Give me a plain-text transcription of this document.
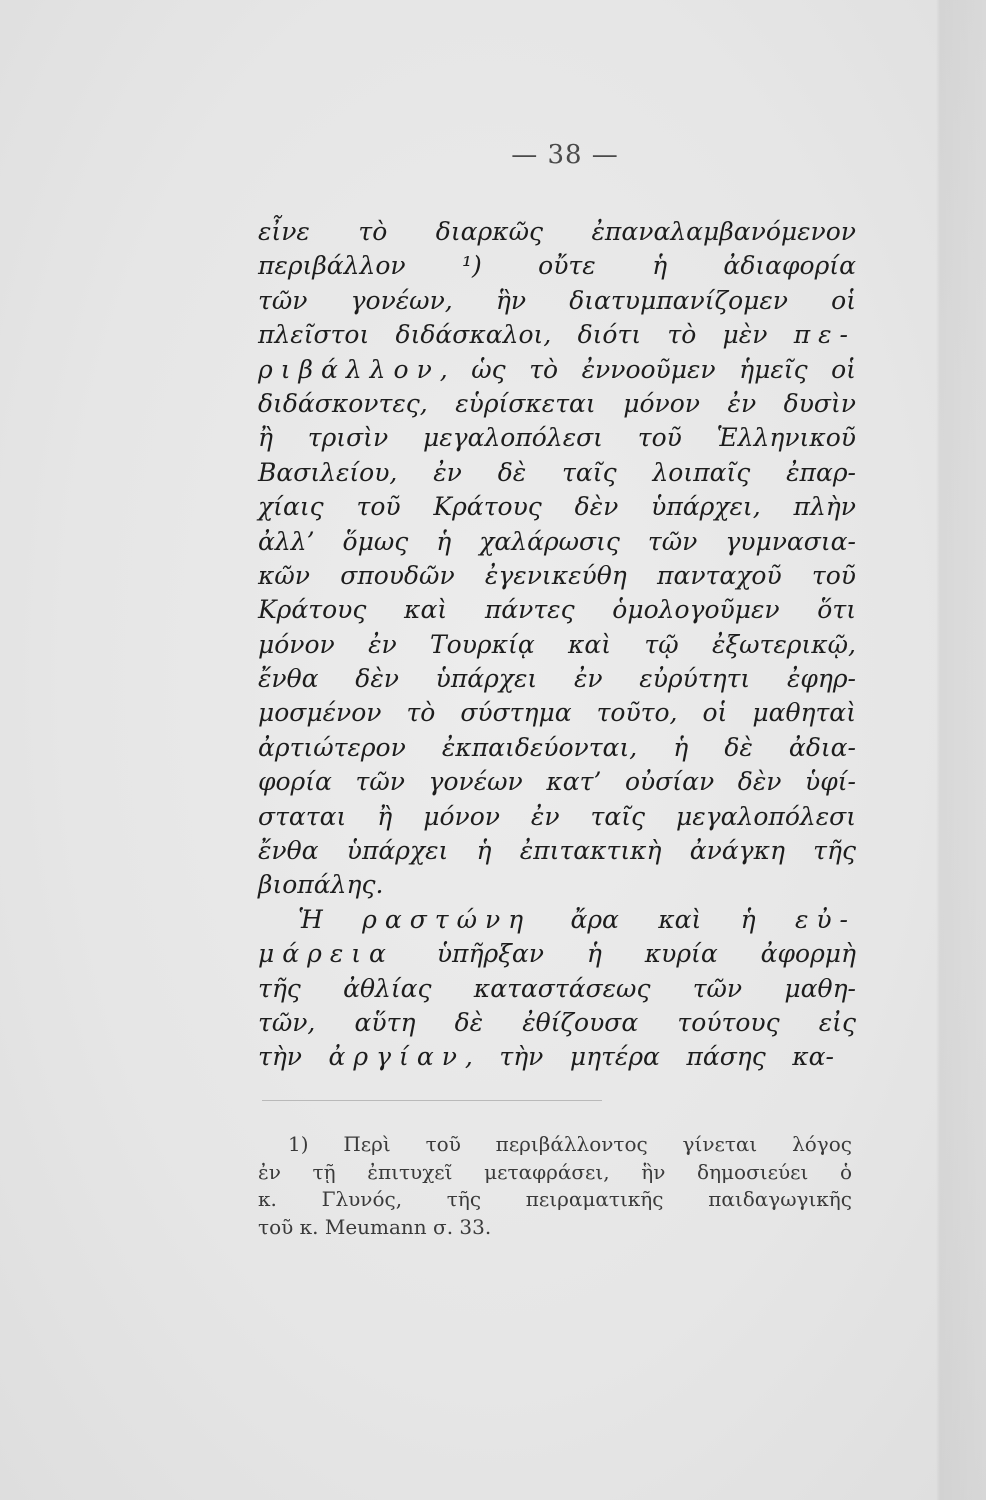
— 38 —
εἶνε τὸ διαρκῶς ἐπαναλαμβανόμενον
περιβάλλον ¹) οὔτε ἡ ἀδιαφορία
τῶν γονέων, ἣν διατυμπανίζομεν οἱ
πλεῖστοι διδάσκαλοι, διότι τὸ μὲν πε-
ριβάλλον, ὡς τὸ ἐννοοῦμεν ἡμεῖς οἱ
διδάσκοντες, εὑρίσκεται μόνον ἐν δυσὶν
ἢ τρισὶν μεγαλοπόλεσι τοῦ Ἑλληνικοῦ
Βασιλείου, ἐν δὲ ταῖς λοιπαῖς ἐπαρ-
χίαις τοῦ Κράτους δὲν ὑπάρχει, πλὴν
ἀλλ’ ὅμως ἡ χαλάρωσις τῶν γυμνασια-
κῶν σπουδῶν ἐγενικεύθη πανταχοῦ τοῦ
Κράτους καὶ πάντες ὁμολογοῦμεν ὅτι
μόνον ἐν Τουρκίᾳ καὶ τῷ ἐξωτερικῷ,
ἔνθα δὲν ὑπάρχει ἐν εὐρύτητι ἐφηρ-
μοσμένον τὸ σύστημα τοῦτο, οἱ μαθηταὶ
ἀρτιώτερον ἐκπαιδεύονται, ἡ δὲ ἀδια-
φορία τῶν γονέων κατ’ οὐσίαν δὲν ὑφί-
σταται ἢ μόνον ἐν ταῖς μεγαλοπόλεσι
ἔνθα ὑπάρχει ἡ ἐπιτακτικὴ ἀνάγκη τῆς
βιοπάλης.
Ἡ ραστώνη ἄρα καὶ ἡ εὐ-
μάρεια ὑπῆρξαν ἡ κυρία ἀφορμὴ
τῆς ἀθλίας καταστάσεως τῶν μαθη-
τῶν, αὕτη δὲ ἐθίζουσα τούτους εἰς
τὴν ἀργίαν, τὴν μητέρα πάσης κα-
1) Περὶ τοῦ περιβάλλοντος γίνεται λόγος
ἐν τῇ ἐπιτυχεῖ μεταφράσει, ἣν δημοσιεύει ὁ
κ. Γλυνός, τῆς πειραματικῆς παιδαγωγικῆς
τοῦ κ. Meumann σ. 33.
